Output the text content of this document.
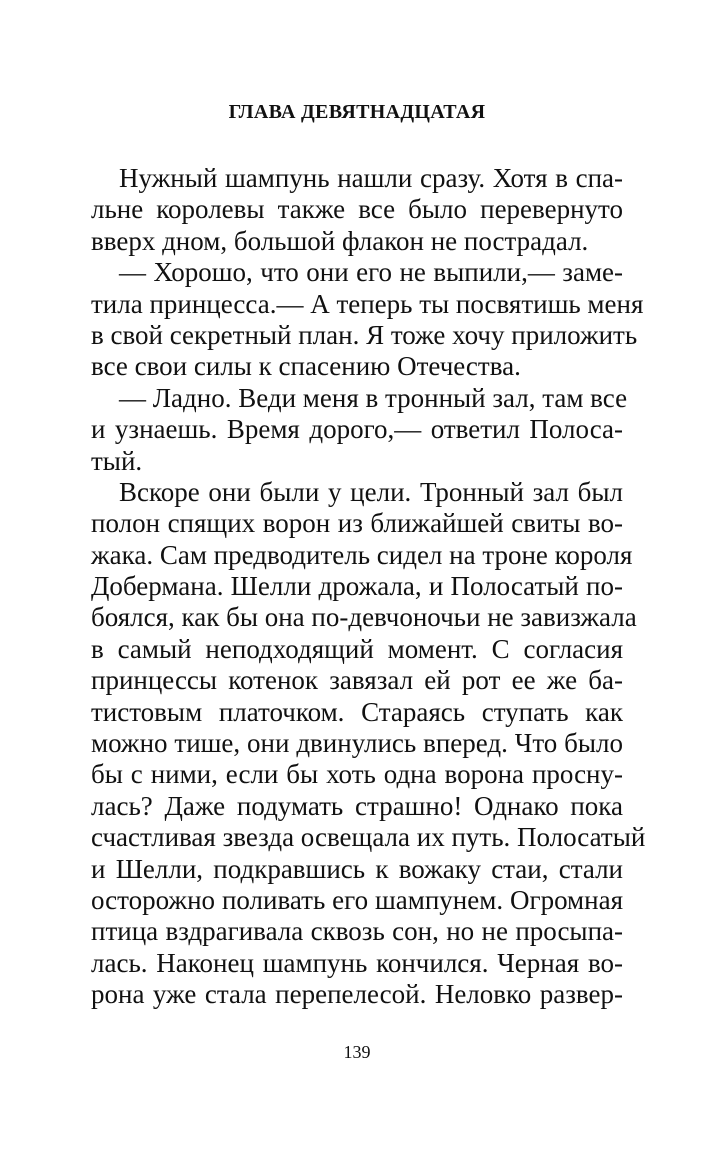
ГЛАВА ДЕВЯТНАДЦАТАЯ
Нужный шампунь нашли сразу. Хотя в спа-
льне королевы также все было перевернуто
вверх дном, большой флакон не пострадал.
— Хорошо, что они его не выпили,— заме-
тила принцесса.— А теперь ты посвятишь меня
в свой секретный план. Я тоже хочу приложить
все свои силы к спасению Отечества.
— Ладно. Веди меня в тронный зал, там все
и узнаешь. Время дорого,— ответил Полоса-
тый.
Вскоре они были у цели. Тронный зал был
полон спящих ворон из ближайшей свиты во-
жака. Сам предводитель сидел на троне короля
Добермана. Шелли дрожала, и Полосатый по-
боялся, как бы она по-девчоночьи не завизжала
в самый неподходящий момент. С согласия
принцессы котенок завязал ей рот ее же ба-
тистовым платочком. Стараясь ступать как
можно тише, они двинулись вперед. Что было
бы с ними, если бы хоть одна ворона просну-
лась? Даже подумать страшно! Однако пока
счастливая звезда освещала их путь. Полосатый
и Шелли, подкравшись к вожаку стаи, стали
осторожно поливать его шампунем. Огромная
птица вздрагивала сквозь сон, но не просыпа-
лась. Наконец шампунь кончился. Черная во-
рона уже стала перепелесой. Неловко развер-
139
